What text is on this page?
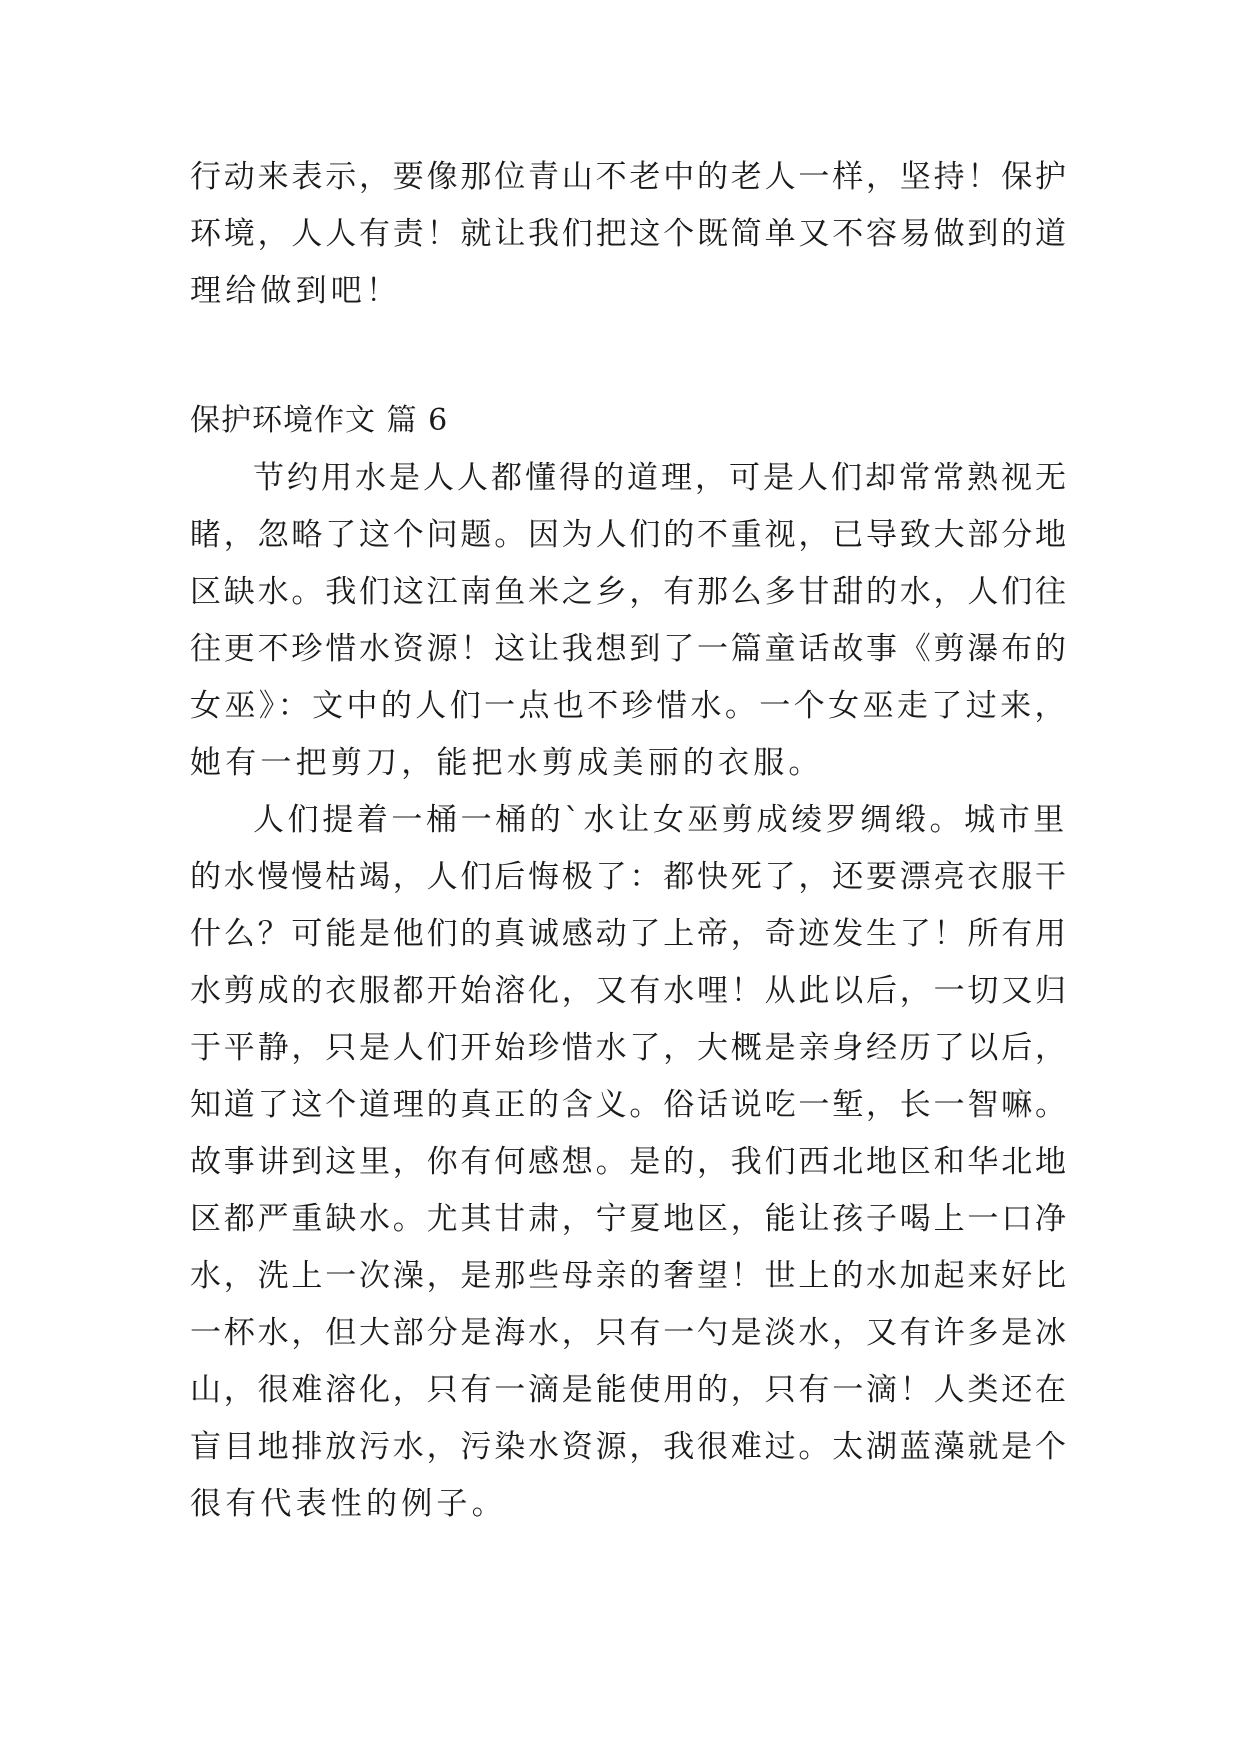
行动来表示，要像那位青山不老中的老人一样，坚持！保护
环境，人人有责！就让我们把这个既简单又不容易做到的道
理给做到吧！
保护环境作文 篇 6
节约用水是人人都懂得的道理，可是人们却常常熟视无
睹，忽略了这个问题。因为人们的不重视，已导致大部分地
区缺水。我们这江南鱼米之乡，有那么多甘甜的水，人们往
往更不珍惜水资源！这让我想到了一篇童话故事《剪瀑布的
女巫》：文中的人们一点也不珍惜水。一个女巫走了过来，
她有一把剪刀，能把水剪成美丽的衣服。
人们提着一桶一桶的`水让女巫剪成绫罗绸缎。城市里
的水慢慢枯竭，人们后悔极了：都快死了，还要漂亮衣服干
什么？可能是他们的真诚感动了上帝，奇迹发生了！所有用
水剪成的衣服都开始溶化，又有水哩！从此以后，一切又归
于平静，只是人们开始珍惜水了，大概是亲身经历了以后，
知道了这个道理的真正的含义。俗话说吃一堑，长一智嘛。
故事讲到这里，你有何感想。是的，我们西北地区和华北地
区都严重缺水。尤其甘肃，宁夏地区，能让孩子喝上一口净
水，洗上一次澡，是那些母亲的奢望！世上的水加起来好比
一杯水，但大部分是海水，只有一勺是淡水，又有许多是冰
山，很难溶化，只有一滴是能使用的，只有一滴！人类还在
盲目地排放污水，污染水资源，我很难过。太湖蓝藻就是个
很有代表性的例子。
